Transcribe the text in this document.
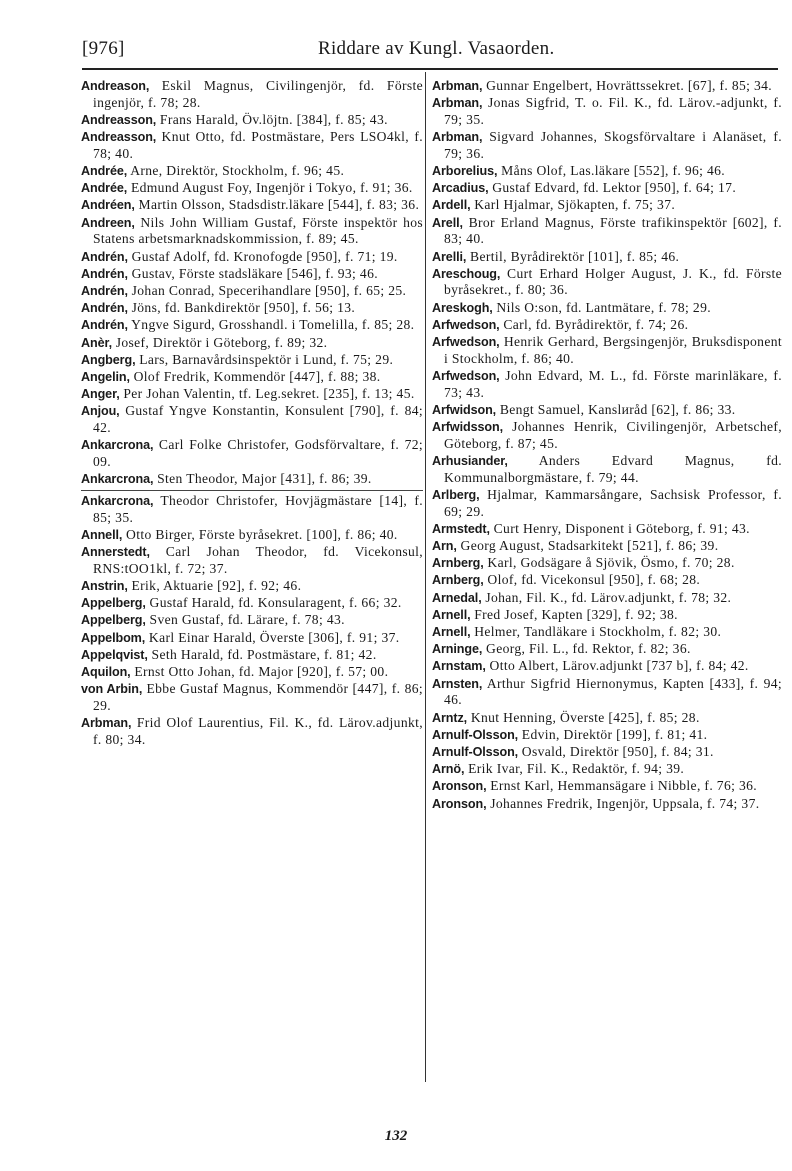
[976]	Riddare av Kungl. Vasaorden.

Andreason, Eskil Magnus, Civilingenjör, fd. Förste ingenjör, f. 78; 28.

Andreasson, Frans Harald, Öv.löjtn. [384], f. 85; 43.

Andreasson, Knut Otto, fd. Postmästare, Pers LSO4kl, f. 78; 40.

Andrée, Arne, Direktör, Stockholm, f. 96; 45.

Andrée, Edmund August Foy, Ingenjör i Tokyo, f. 91; 36.

Andréen, Martin Olsson, Stadsdistr.läkare [544], f. 83; 36.

Andreen, Nils John William Gustaf, Förste inspektör hos Statens arbetsmarknadskommission, f. 89; 45.

Andrén, Gustaf Adolf, fd. Kronofogde [950], f. 71; 19.

Andrén, Gustav, Förste stadsläkare [546], f. 93; 46.

Andrén, Johan Conrad, Specerihandlare [950], f. 65; 25.

Andrén, Jöns, fd. Bankdirektör [950], f. 56; 13.

Andrén, Yngve Sigurd, Grosshandl. i Tomelilla, f. 85; 28.

Anèr, Josef, Direktör i Göteborg, f. 89; 32.

Angberg, Lars, Barnavårdsinspektör i Lund, f. 75; 29.

Angelin, Olof Fredrik, Kommendör [447], f. 88; 38.

Anger, Per Johan Valentin, tf. Leg.sekret. [235], f. 13; 45.

Anjou, Gustaf Yngve Konstantin, Konsulent [790], f. 84; 42.

Ankarcrona, Carl Folke Christofer, Godsförvaltare, f. 72; 09.

Ankarcrona, Sten Theodor, Major [431], f. 86; 39.

Ankarcrona, Theodor Christofer, Hovjägmästare [14], f. 85; 35.

Annell, Otto Birger, Förste byråsekret. [100], f. 86; 40.

Annerstedt, Carl Johan Theodor, fd. Vicekonsul, RNS:tOO1kl, f. 72; 37.

Anstrin, Erik, Aktuarie [92], f. 92; 46.

Appelberg, Gustaf Harald, fd. Konsularagent, f. 66; 32.

Appelberg, Sven Gustaf, fd. Lärare, f. 78; 43.

Appelbom, Karl Einar Harald, Överste [306], f. 91; 37.

Appelqvist, Seth Harald, fd. Postmästare, f. 81; 42.

Aquilon, Ernst Otto Johan, fd. Major [920], f. 57; 00.

von Arbin, Ebbe Gustaf Magnus, Kommendör [447], f. 86; 29.

Arbman, Frid Olof Laurentius, Fil. K., fd. Lärov.adjunkt, f. 80; 34.

Arbman, Gunnar Engelbert, Hovrättssekret. [67], f. 85; 34.

Arbman, Jonas Sigfrid, T. o. Fil. K., fd. Lärov.-adjunkt, f. 79; 35.

Arbman, Sigvard Johannes, Skogsförvaltare i Alanäset, f. 79; 36.

Arborelius, Måns Olof, Las.läkare [552], f. 96; 46.

Arcadius, Gustaf Edvard, fd. Lektor [950], f. 64; 17.

Ardell, Karl Hjalmar, Sjökapten, f. 75; 37.

Arell, Bror Erland Magnus, Förste trafikinspektör [602], f. 83; 40.

Arelli, Bertil, Byrådirektör [101], f. 85; 46.

Areschoug, Curt Erhard Holger August, J. K., fd. Förste byråsekret., f. 80; 36.

Areskogh, Nils O:son, fd. Lantmätare, f. 78; 29.

Arfwedson, Carl, fd. Byrådirektör, f. 74; 26.

Arfwedson, Henrik Gerhard, Bergsingenjör, Bruksdisponent i Stockholm, f. 86; 40.

Arfwedson, John Edvard, M. L., fd. Förste marinläkare, f. 73; 43.

Arfwidson, Bengt Samuel, Kanslиråd [62], f. 86; 33.

Arfwidsson, Johannes Henrik, Civilingenjör, Arbetschef, Göteborg, f. 87; 45.

Arhusiander, Anders Edvard Magnus, fd. Kommunalborgmästare, f. 79; 44.

Arlberg, Hjalmar, Kammarsångare, Sachsisk Professor, f. 69; 29.

Armstedt, Curt Henry, Disponent i Göteborg, f. 91; 43.

Arn, Georg August, Stadsarkitekt [521], f. 86; 39.

Arnberg, Karl, Godsägare å Sjövik, Ösmo, f. 70; 28.

Arnberg, Olof, fd. Vicekonsul [950], f. 68; 28.

Arnedal, Johan, Fil. K., fd. Lärov.adjunkt, f. 78; 32.

Arnell, Fred Josef, Kapten [329], f. 92; 38.

Arnell, Helmer, Tandläkare i Stockholm, f. 82; 30.

Arninge, Georg, Fil. L., fd. Rektor, f. 82; 36.

Arnstam, Otto Albert, Lärov.adjunkt [737 b], f. 84; 42.

Arnsten, Arthur Sigfrid Hiernonymus, Kapten [433], f. 94; 46.

Arntz, Knut Henning, Överste [425], f. 85; 28.

Arnulf-Olsson, Edvin, Direktör [199], f. 81; 41.

Arnulf-Olsson, Osvald, Direktör [950], f. 84; 31.

Arnö, Erik Ivar, Fil. K., Redaktör, f. 94; 39.

Aronson, Ernst Karl, Hemmansägare i Nibble, f. 76; 36.

Aronson, Johannes Fredrik, Ingenjör, Uppsala, f. 74; 37.

132
